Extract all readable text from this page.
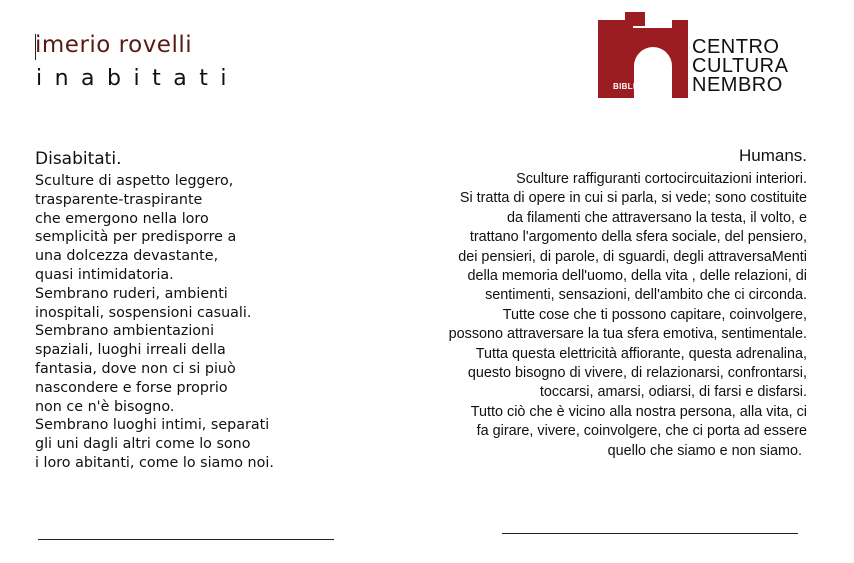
imerio rovelli
inabitati	BIBLIOTECA
CENTRO
CULTURA
NEMBRO
Disabitati.
Sculture di aspetto leggero,
trasparente-traspirante
che emergono nella loro
semplicità per predisporre a
una dolcezza devastante,
quasi intimidatoria.
Sembrano ruderi, ambienti
inospitali, sospensioni casuali.
Sembrano ambientazioni
spaziali, luoghi irreali della
fantasia, dove non ci si piuò
nascondere e forse proprio
non ce n'è bisogno.
Sembrano luoghi intimi, separati
gli uni dagli altri come lo sono
i loro abitanti, come lo siamo noi.
Humans.
Sculture raffiguranti cortocircuitazioni interiori.
Si tratta di opere in cui si parla, si vede; sono costituite
da filamenti che attraversano la testa, il volto, e
trattano l'argomento della sfera sociale, del pensiero,
dei pensieri, di parole, di sguardi, degli attraversaMenti
della memoria dell'uomo, della vita , delle relazioni, di
sentimenti, sensazioni, dell'ambito che ci circonda.
Tutte cose che ti possono capitare, coinvolgere,
possono attraversare la tua sfera emotiva, sentimentale.
Tutta questa elettricità affiorante, questa adrenalina,
questo bisogno di vivere, di relazionarsi, confrontarsi,
toccarsi, amarsi, odiarsi, di farsi e disfarsi.
Tutto ciò che è vicino alla nostra persona, alla vita, ci
fa girare, vivere, coinvolgere, che ci porta ad essere
quello che siamo e non siamo.
